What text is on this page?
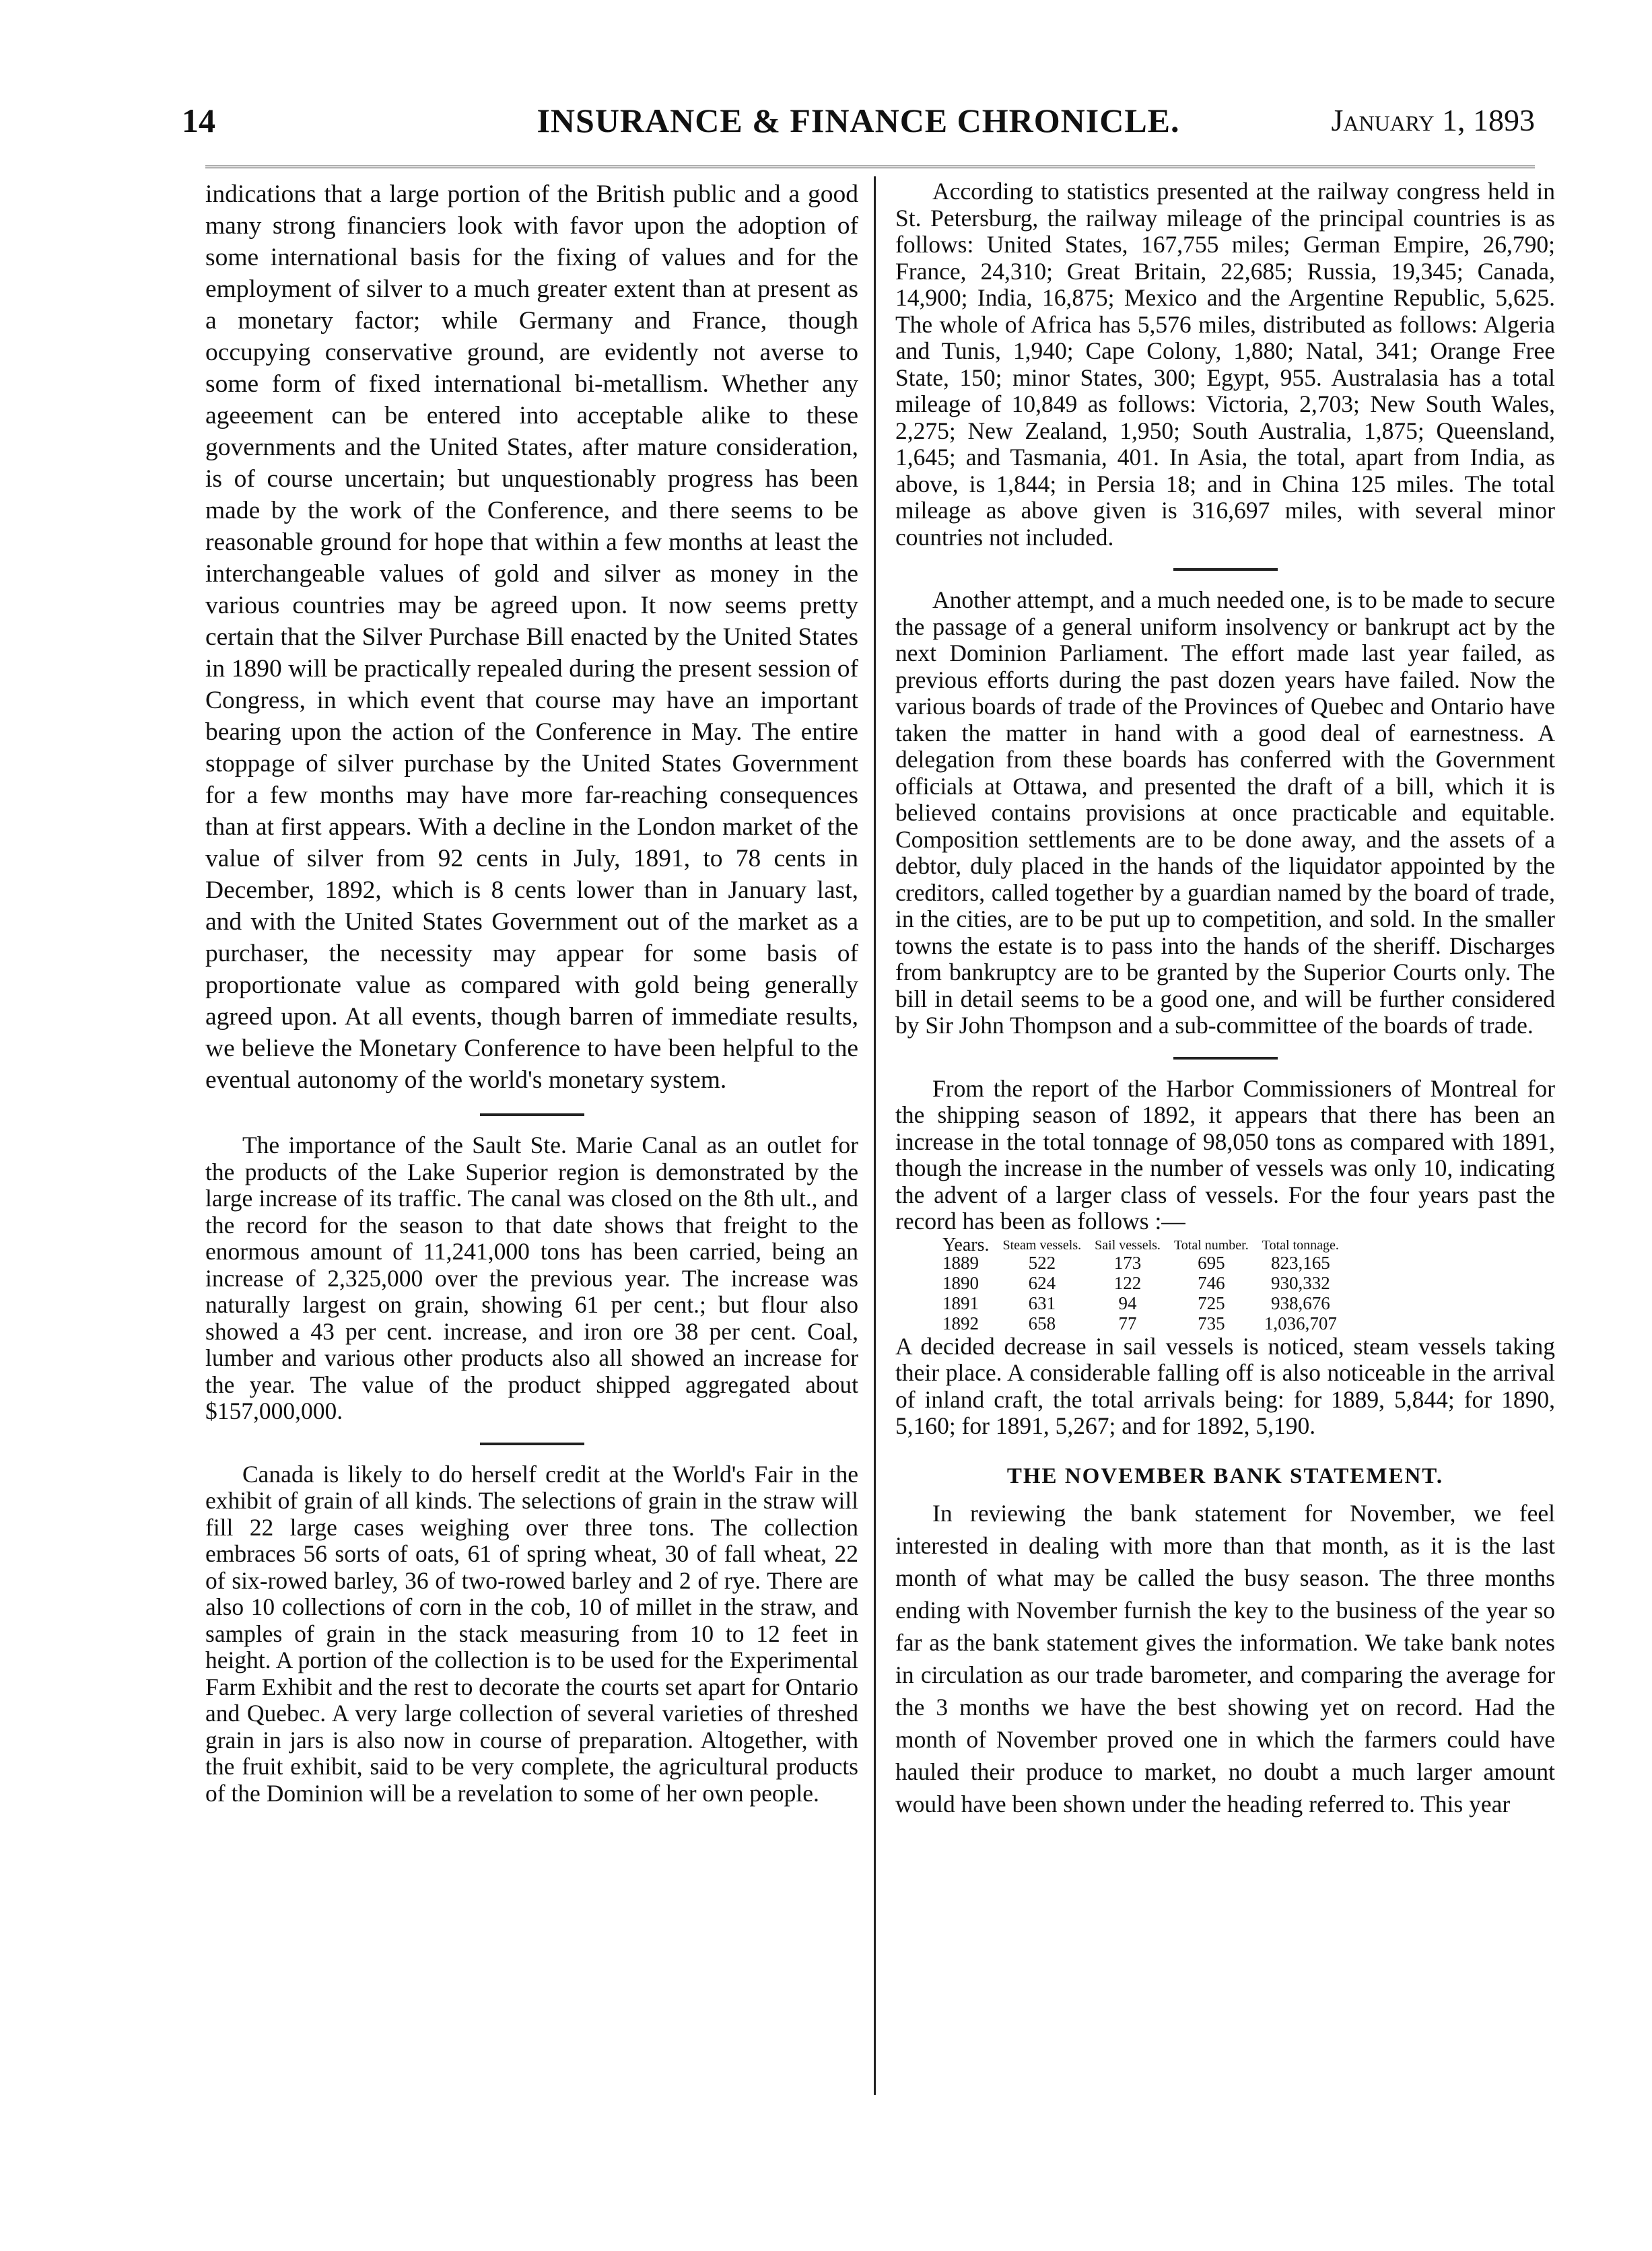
14	INSURANCE & FINANCE CHRONICLE.	January 1, 1893

indications that a large portion of the British public and a good many strong financiers look with favor upon the adoption of some international basis for the fixing of values and for the employment of silver to a much greater extent than at present as a monetary factor; while Germany and France, though occupying conservative ground, are evidently not averse to some form of fixed international bi-metallism. Whether any ageeement can be entered into acceptable alike to these governments and the United States, after mature consideration, is of course uncertain; but unquestionably progress has been made by the work of the Conference, and there seems to be reasonable ground for hope that within a few months at least the interchangeable values of gold and silver as money in the various countries may be agreed upon. It now seems pretty certain that the Silver Purchase Bill enacted by the United States in 1890 will be practically repealed during the present session of Congress, in which event that course may have an important bearing upon the action of the Conference in May. The entire stoppage of silver purchase by the United States Government for a few months may have more far-reaching consequences than at first appears. With a decline in the London market of the value of silver from 92 cents in July, 1891, to 78 cents in December, 1892, which is 8 cents lower than in January last, and with the United States Government out of the market as a purchaser, the necessity may appear for some basis of proportionate value as compared with gold being generally agreed upon. At all events, though barren of immediate results, we believe the Monetary Conference to have been helpful to the eventual autonomy of the world's monetary system.

The importance of the Sault Ste. Marie Canal as an outlet for the products of the Lake Superior region is demonstrated by the large increase of its traffic. The canal was closed on the 8th ult., and the record for the season to that date shows that freight to the enormous amount of 11,241,000 tons has been carried, being an increase of 2,325,000 over the previous year. The increase was naturally largest on grain, showing 61 per cent.; but flour also showed a 43 per cent. increase, and iron ore 38 per cent. Coal, lumber and various other products also all showed an increase for the year. The value of the product shipped aggregated about $157,000,000.

Canada is likely to do herself credit at the World's Fair in the exhibit of grain of all kinds. The selections of grain in the straw will fill 22 large cases weighing over three tons. The collection embraces 56 sorts of oats, 61 of spring wheat, 30 of fall wheat, 22 of six-rowed barley, 36 of two-rowed barley and 2 of rye. There are also 10 collections of corn in the cob, 10 of millet in the straw, and samples of grain in the stack measuring from 10 to 12 feet in height. A portion of the collection is to be used for the Experimental Farm Exhibit and the rest to decorate the courts set apart for Ontario and Quebec. A very large collection of several varieties of threshed grain in jars is also now in course of preparation. Altogether, with the fruit exhibit, said to be very complete, the agricultural products of the Dominion will be a revelation to some of her own people.

According to statistics presented at the railway congress held in St. Petersburg, the railway mileage of the principal countries is as follows: United States, 167,755 miles; German Empire, 26,790; France, 24,310; Great Britain, 22,685; Russia, 19,345; Canada, 14,900; India, 16,875; Mexico and the Argentine Republic, 5,625. The whole of Africa has 5,576 miles, distributed as follows: Algeria and Tunis, 1,940; Cape Colony, 1,880; Natal, 341; Orange Free State, 150; minor States, 300; Egypt, 955. Australasia has a total mileage of 10,849 as follows: Victoria, 2,703; New South Wales, 2,275; New Zealand, 1,950; South Australia, 1,875; Queensland, 1,645; and Tasmania, 401. In Asia, the total, apart from India, as above, is 1,844; in Persia 18; and in China 125 miles. The total mileage as above given is 316,697 miles, with several minor countries not included.

Another attempt, and a much needed one, is to be made to secure the passage of a general uniform insolvency or bankrupt act by the next Dominion Parliament. The effort made last year failed, as previous efforts during the past dozen years have failed. Now the various boards of trade of the Provinces of Quebec and Ontario have taken the matter in hand with a good deal of earnestness. A delegation from these boards has conferred with the Government officials at Ottawa, and presented the draft of a bill, which it is believed contains provisions at once practicable and equitable. Composition settlements are to be done away, and the assets of a debtor, duly placed in the hands of the liquidator appointed by the creditors, called together by a guardian named by the board of trade, in the cities, are to be put up to competition, and sold. In the smaller towns the estate is to pass into the hands of the sheriff. Discharges from bankruptcy are to be granted by the Superior Courts only. The bill in detail seems to be a good one, and will be further considered by Sir John Thompson and a sub-committee of the boards of trade.

From the report of the Harbor Commissioners of Montreal for the shipping season of 1892, it appears that there has been an increase in the total tonnage of 98,050 tons as compared with 1891, though the increase in the number of vessels was only 10, indicating the advent of a larger class of vessels. For the four years past the record has been as follows :—

Years.	Steam vessels.	Sail vessels.	Total number.	Total tonnage.
1889	522	173	695	823,165
1890	624	122	746	930,332
1891	631	94	725	938,676
1892	658	77	735	1,036,707

A decided decrease in sail vessels is noticed, steam vessels taking their place. A considerable falling off is also noticeable in the arrival of inland craft, the total arrivals being: for 1889, 5,844; for 1890, 5,160; for 1891, 5,267; and for 1892, 5,190.

THE NOVEMBER BANK STATEMENT.

In reviewing the bank statement for November, we feel interested in dealing with more than that month, as it is the last month of what may be called the busy season. The three months ending with November furnish the key to the business of the year so far as the bank statement gives the information. We take bank notes in circulation as our trade barometer, and comparing the average for the 3 months we have the best showing yet on record. Had the month of November proved one in which the farmers could have hauled their produce to market, no doubt a much larger amount would have been shown under the heading referred to. This year
